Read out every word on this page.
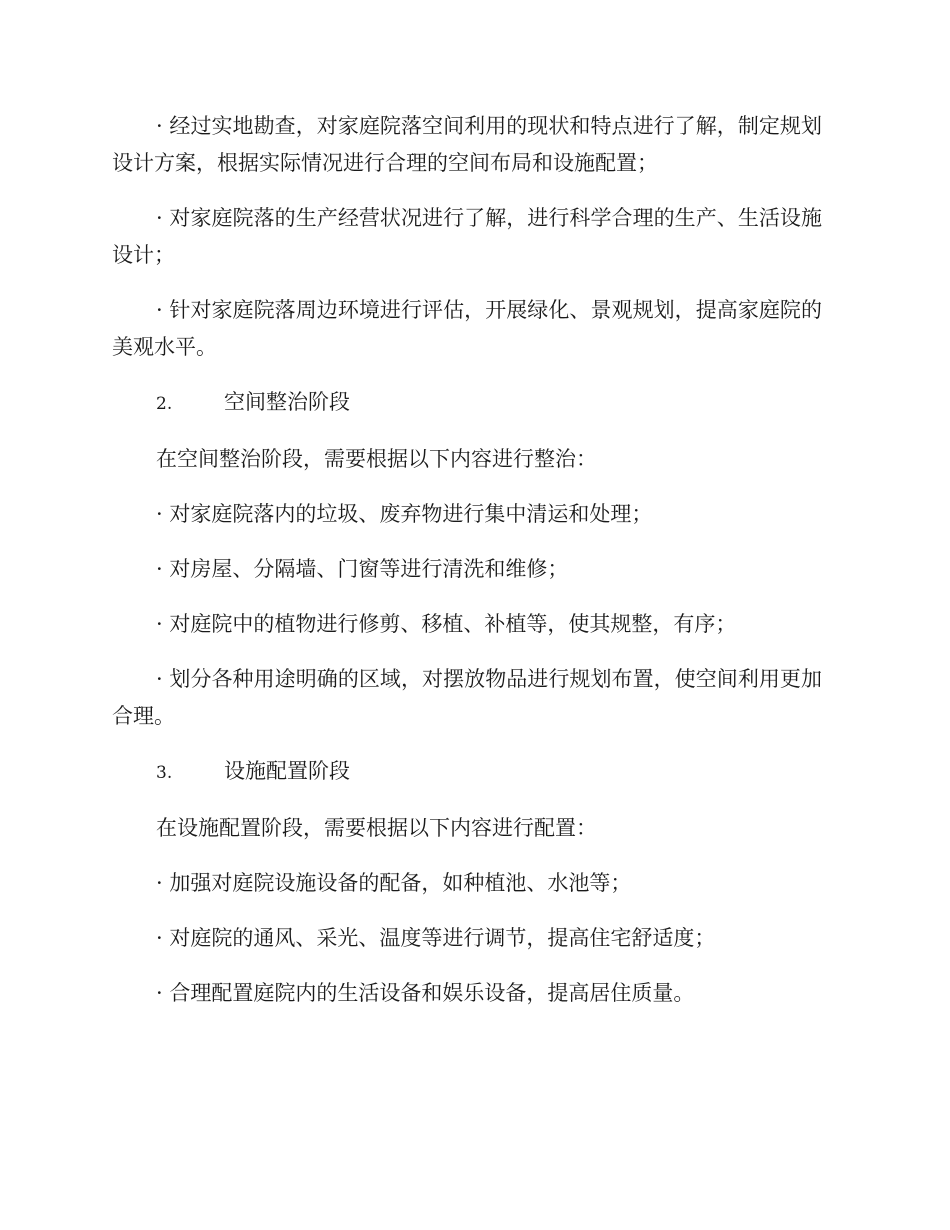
· 经过实地勘查，对家庭院落空间利用的现状和特点进行了解，制定规划设计方案，根据实际情况进行合理的空间布局和设施配置；

· 对家庭院落的生产经营状况进行了解，进行科学合理的生产、生活设施设计；

· 针对家庭院落周边环境进行评估，开展绿化、景观规划，提高家庭院的美观水平。

2.	空间整治阶段

在空间整治阶段，需要根据以下内容进行整治：

· 对家庭院落内的垃圾、废弃物进行集中清运和处理；

· 对房屋、分隔墙、门窗等进行清洗和维修；

· 对庭院中的植物进行修剪、移植、补植等，使其规整，有序；

· 划分各种用途明确的区域，对摆放物品进行规划布置，使空间利用更加合理。

3.	设施配置阶段

在设施配置阶段，需要根据以下内容进行配置：

· 加强对庭院设施设备的配备，如种植池、水池等；

· 对庭院的通风、采光、温度等进行调节，提高住宅舒适度；

· 合理配置庭院内的生活设备和娱乐设备，提高居住质量。
